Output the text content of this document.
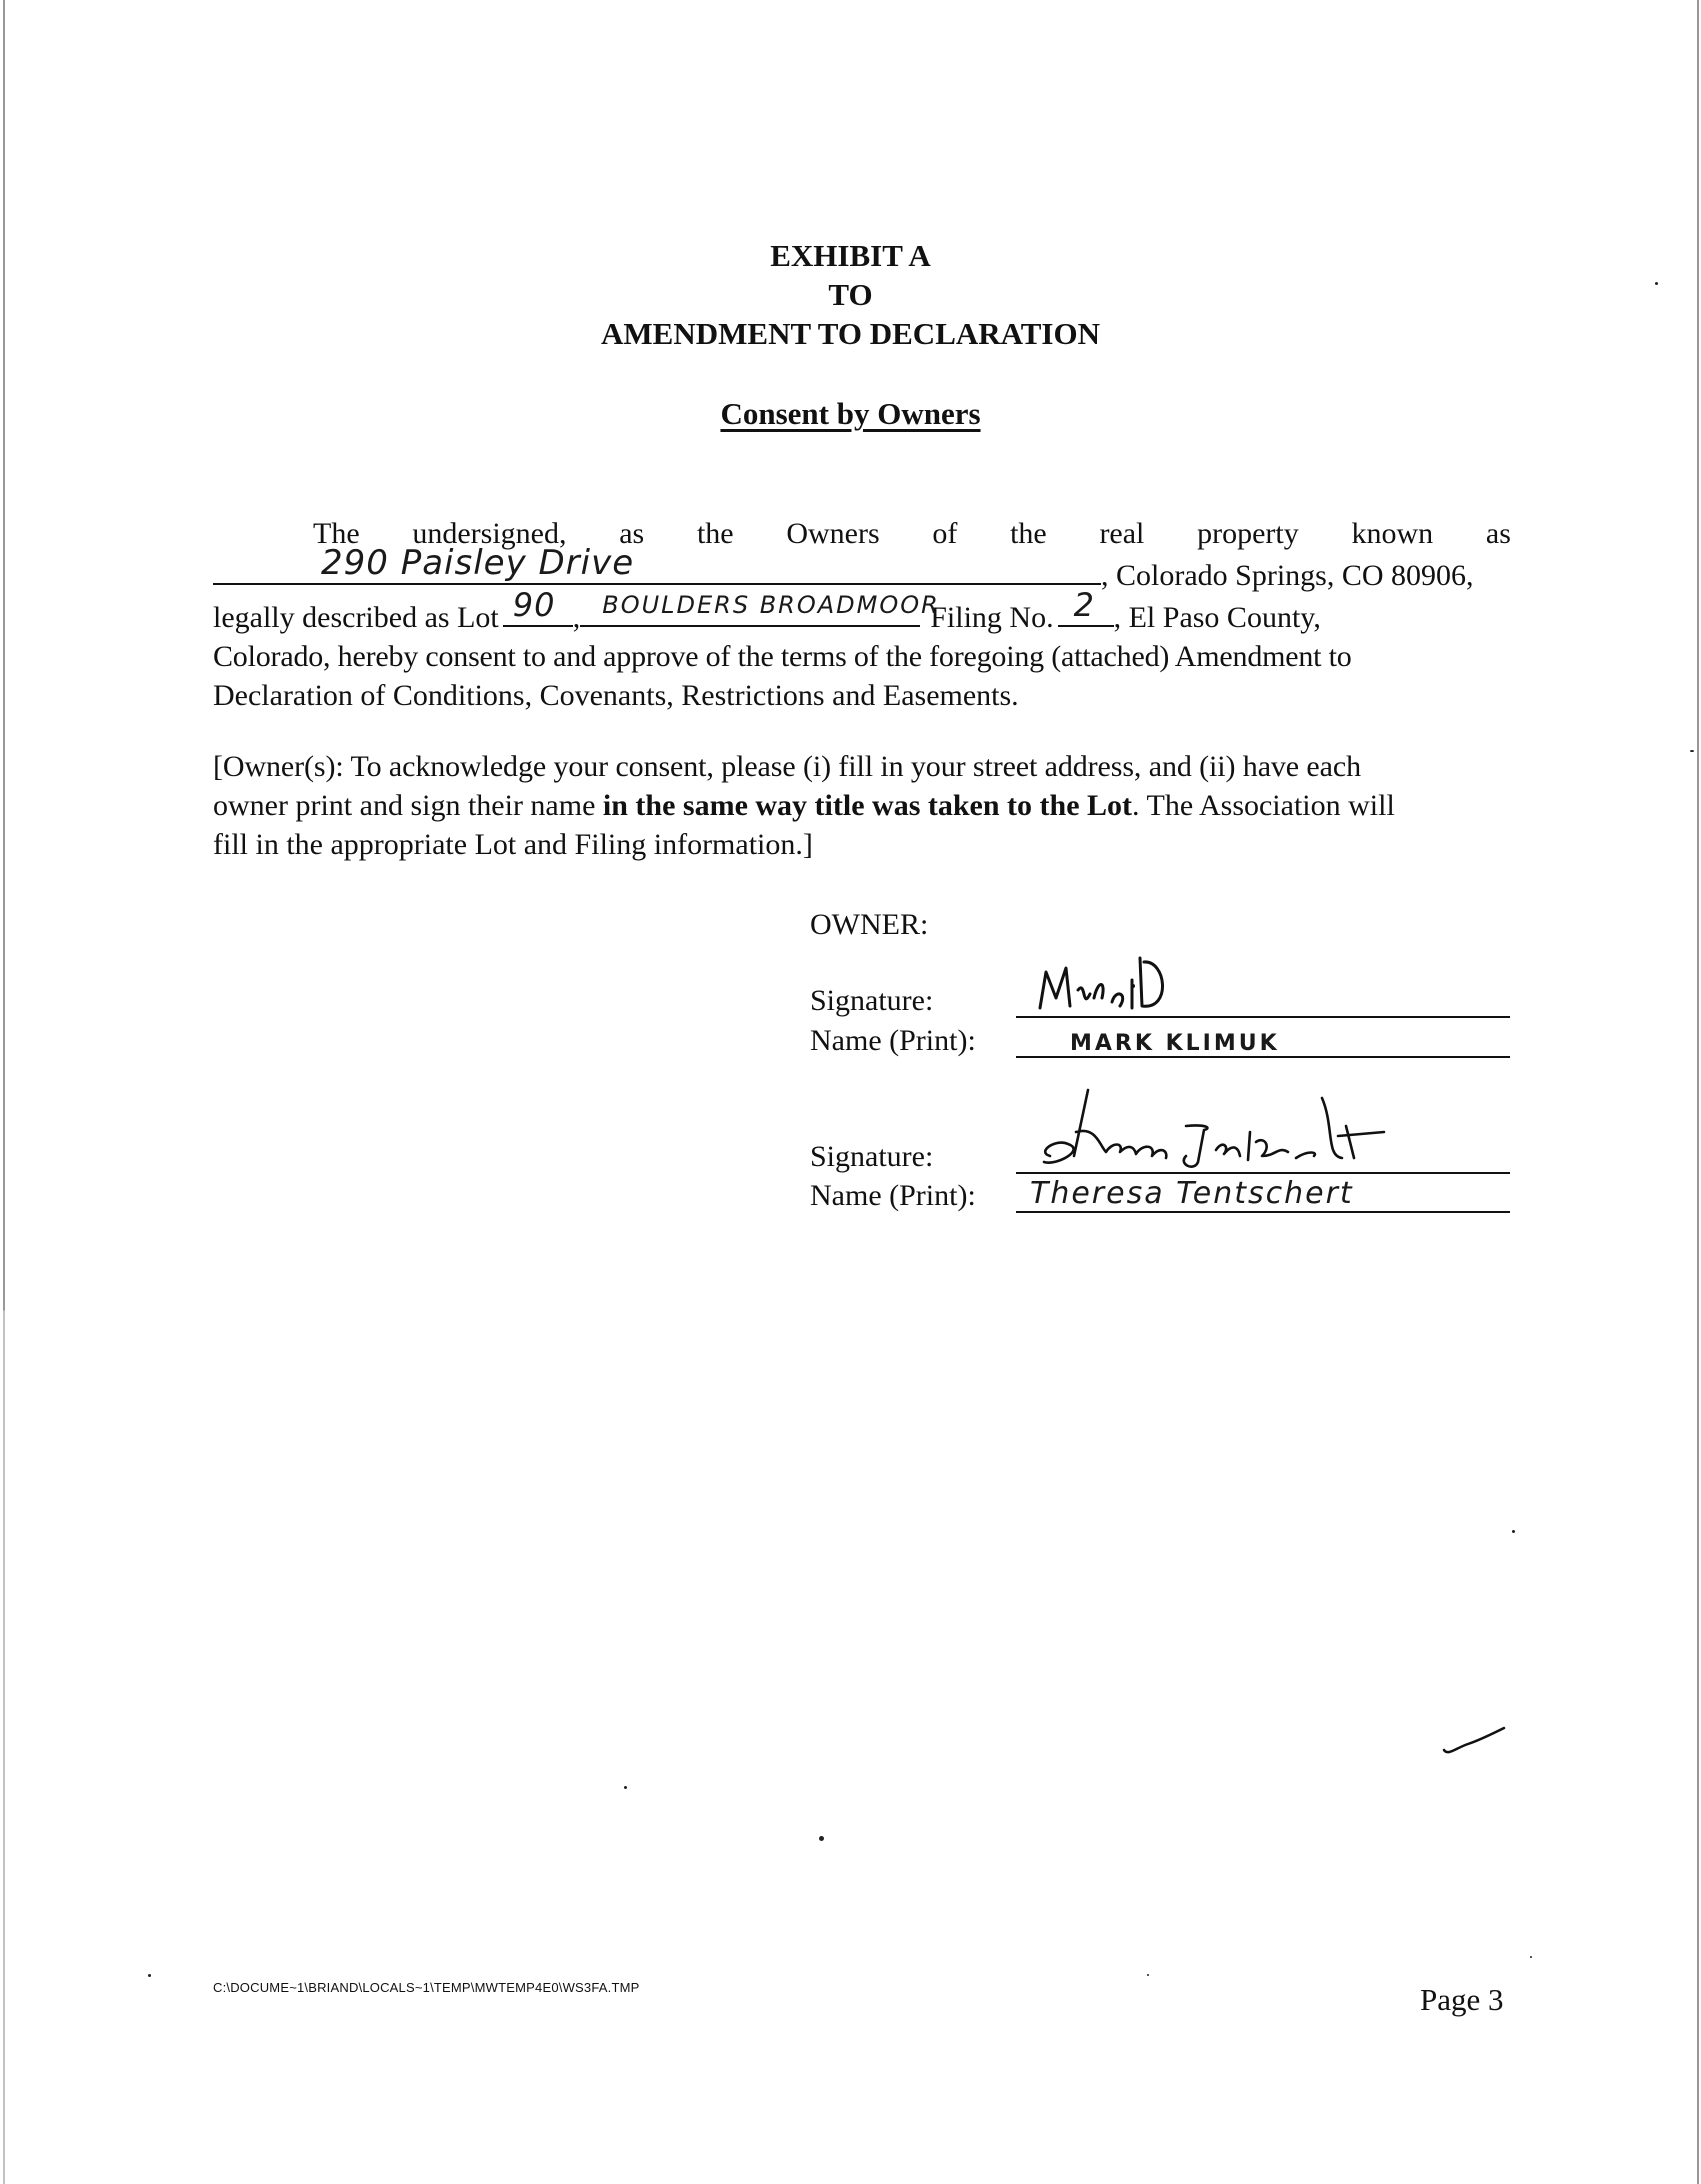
EXHIBIT A
TO
AMENDMENT TO DECLARATION
Consent by Owners
The undersigned, as the Owners of the real property known as
290 Paisley Drive	, Colorado Springs, CO 80906,
legally described as Lot 90 , BOULDERS BROADMOOR
Filing No. 2 , El Paso County,
Colorado, hereby consent to and approve of the terms of the foregoing (attached) Amendment to
Declaration of Conditions, Covenants, Restrictions and Easements.
[Owner(s): To acknowledge your consent, please (i) fill in your street address, and (ii) have each
owner print and sign their name in the same way title was taken to the Lot. The Association will
fill in the appropriate Lot and Filing information.]
OWNER:
Signature:
Name (Print):	MARK KLIMUK
Signature:
Name (Print):	Theresa Tentschert
C:\DOCUME~1\BRIAND\LOCALS~1\TEMP\MWTEMP4E0\WS3FA.TMP	Page 3
